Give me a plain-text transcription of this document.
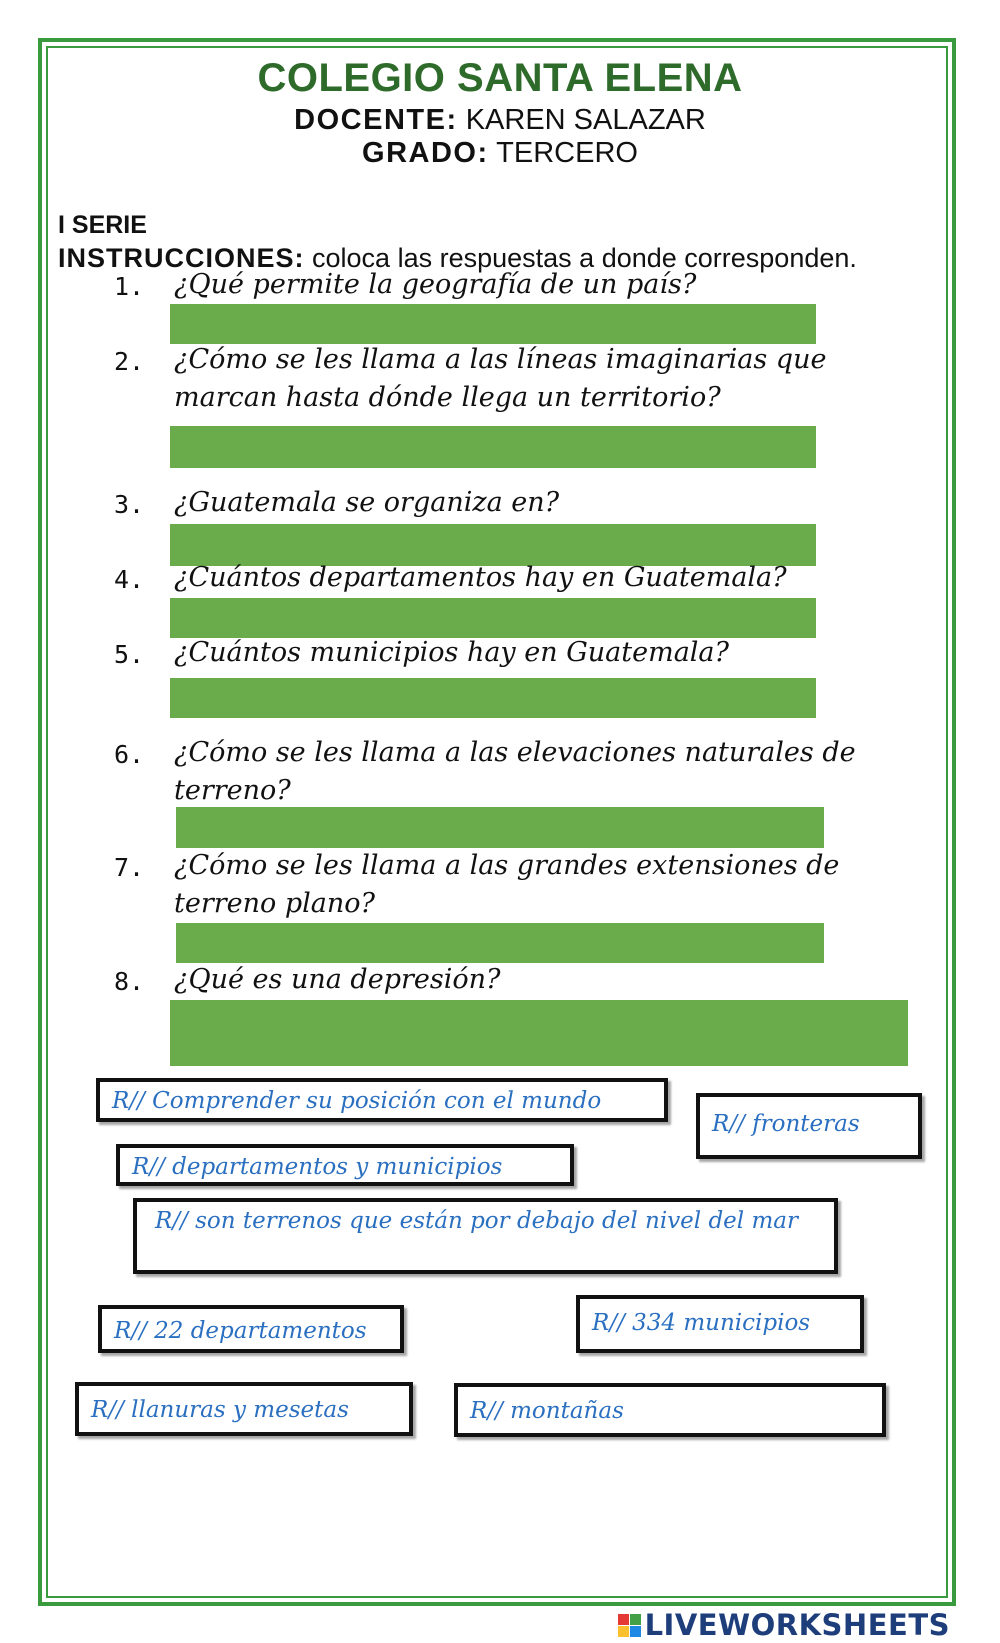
COLEGIO SANTA ELENA
DOCENTE: KAREN SALAZAR
GRADO: TERCERO
I SERIE
INSTRUCCIONES: coloca las respuestas a donde corresponden.
1. ¿Qué permite la geografía de un país?
2. ¿Cómo se les llama a las líneas imaginarias que marcan hasta dónde llega un territorio?
3. ¿Guatemala se organiza en?
4. ¿Cuántos departamentos hay en Guatemala?
5. ¿Cuántos municipios hay en Guatemala?
6. ¿Cómo se les llama a las elevaciones naturales de terreno?
7. ¿Cómo se les llama a las grandes extensiones de terreno plano?
8. ¿Qué es una depresión?
R// Comprender su posición con el mundo
R// fronteras
R// departamentos y municipios
R// son terrenos que están por debajo del nivel del mar
R// 22 departamentos	R// 334 municipios
R// llanuras y mesetas	R// montañas
LIVEWORKSHEETS
